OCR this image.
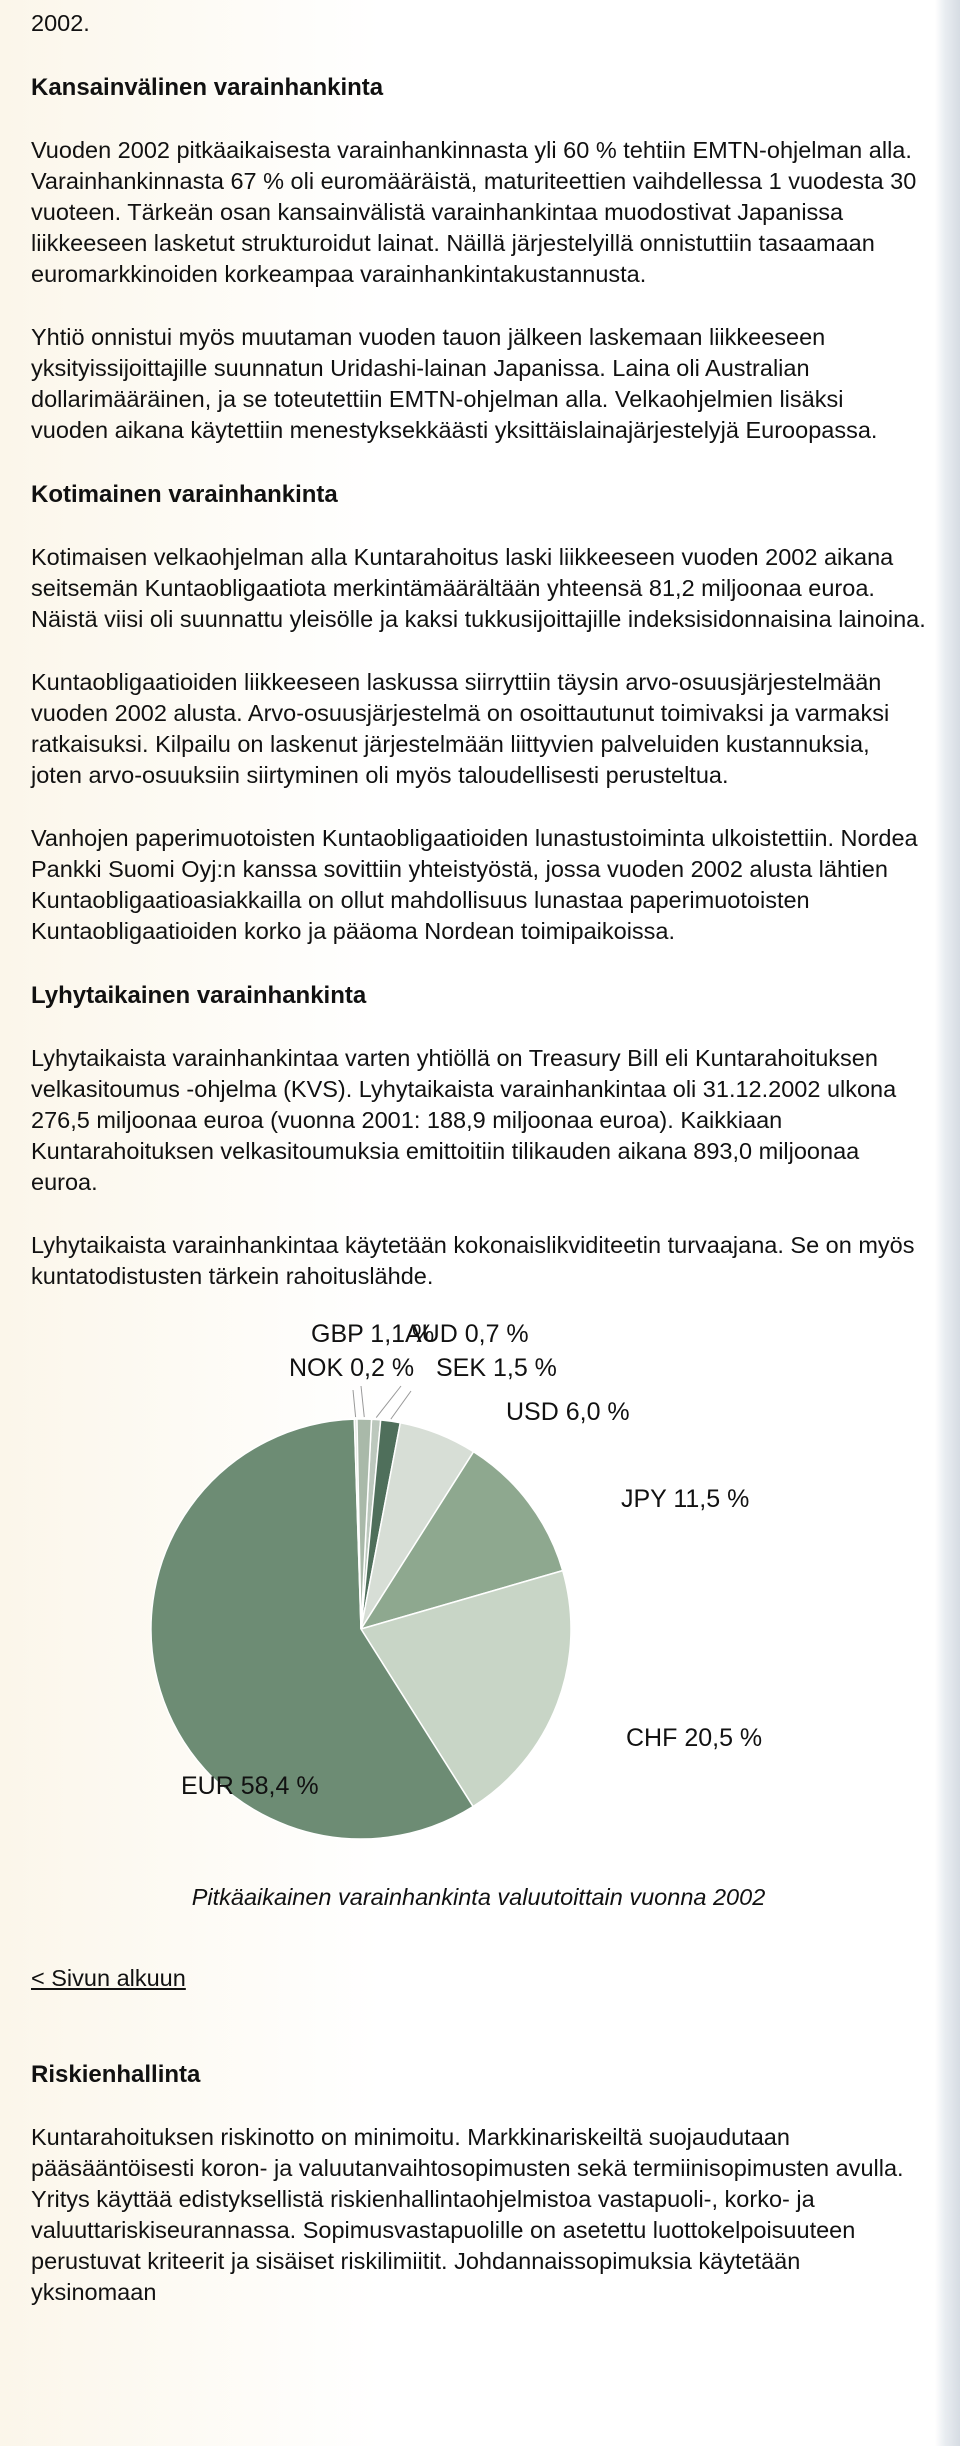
2002.

Kansainvälinen varainhankinta

Vuoden 2002 pitkäaikaisesta varainhankinnasta yli 60 % tehtiin EMTN-ohjelman alla. Varainhankinnasta 67 % oli euromääräistä, maturiteettien vaihdellessa 1 vuodesta 30 vuoteen. Tärkeän osan kansainvälistä varainhankintaa muodostivat Japanissa liikkeeseen lasketut strukturoidut lainat. Näillä järjestelyillä onnistuttiin tasaamaan euromarkkinoiden korkeampaa varainhankintakustannusta.

Yhtiö onnistui myös muutaman vuoden tauon jälkeen laskemaan liikkeeseen yksityissijoittajille suunnatun Uridashi-lainan Japanissa. Laina oli Australian dollarimääräinen, ja se toteutettiin EMTN-ohjelman alla. Velkaohjelmien lisäksi vuoden aikana käytettiin menestyksekkäästi yksittäislainajärjestelyjä Euroopassa.

Kotimainen varainhankinta

Kotimaisen velkaohjelman alla Kuntarahoitus laski liikkeeseen vuoden 2002 aikana seitsemän Kuntaobligaatiota merkintämäärältään yhteensä 81,2 miljoonaa euroa. Näistä viisi oli suunnattu yleisölle ja kaksi tukkusijoittajille indeksisidonnaisina lainoina.

Kuntaobligaatioiden liikkeeseen laskussa siirryttiin täysin arvo-osuusjärjestelmään vuoden 2002 alusta. Arvo-osuusjärjestelmä on osoittautunut toimivaksi ja varmaksi ratkaisuksi. Kilpailu on laskenut järjestelmään liittyvien palveluiden kustannuksia, joten arvo-osuuksiin siirtyminen oli myös taloudellisesti perusteltua.

Vanhojen paperimuotoisten Kuntaobligaatioiden lunastustoiminta ulkoistettiin. Nordea Pankki Suomi Oyj:n kanssa sovittiin yhteistyöstä, jossa vuoden 2002 alusta lähtien Kuntaobligaatioasiakkailla on ollut mahdollisuus lunastaa paperimuotoisten Kuntaobligaatioiden korko ja pääoma Nordean toimipaikoissa.

Lyhytaikainen varainhankinta

Lyhytaikaista varainhankintaa varten yhtiöllä on Treasury Bill eli Kuntarahoituksen velkasitoumus -ohjelma (KVS). Lyhytaikaista varainhankintaa oli 31.12.2002 ulkona 276,5 miljoonaa euroa (vuonna 2001: 188,9 miljoonaa euroa). Kaikkiaan Kuntarahoituksen velkasitoumuksia emittoitiin tilikauden aikana 893,0 miljoonaa euroa.

Lyhytaikaista varainhankintaa käytetään kokonaislikviditeetin turvaajana. Se on myös kuntatodistusten tärkein rahoituslähde.

AUD 0,7 %
SEK 1,5 %
USD 6,0 %
JPY 11,5 %
CHF 20,5 %
EUR 58,4 %
NOK 0,2 %
GBP 1,1 %

Pitkäaikainen varainhankinta valuutoittain vuonna 2002

< Sivun alkuun
Riskienhallinta

Kuntarahoituksen riskinotto on minimoitu. Markkinariskeiltä suojaudutaan pääsääntöisesti koron- ja valuutanvaihtosopimusten sekä termiinisopimusten avulla. Yritys käyttää edistyksellistä riskienhallintaohjelmistoa vastapuoli-, korko- ja valuuttariskiseurannassa. Sopimusvastapuolille on asetettu luottokelpoisuuteen perustuvat kriteerit ja sisäiset riskilimiitit. Johdannaissopimuksia käytetään yksinomaan
